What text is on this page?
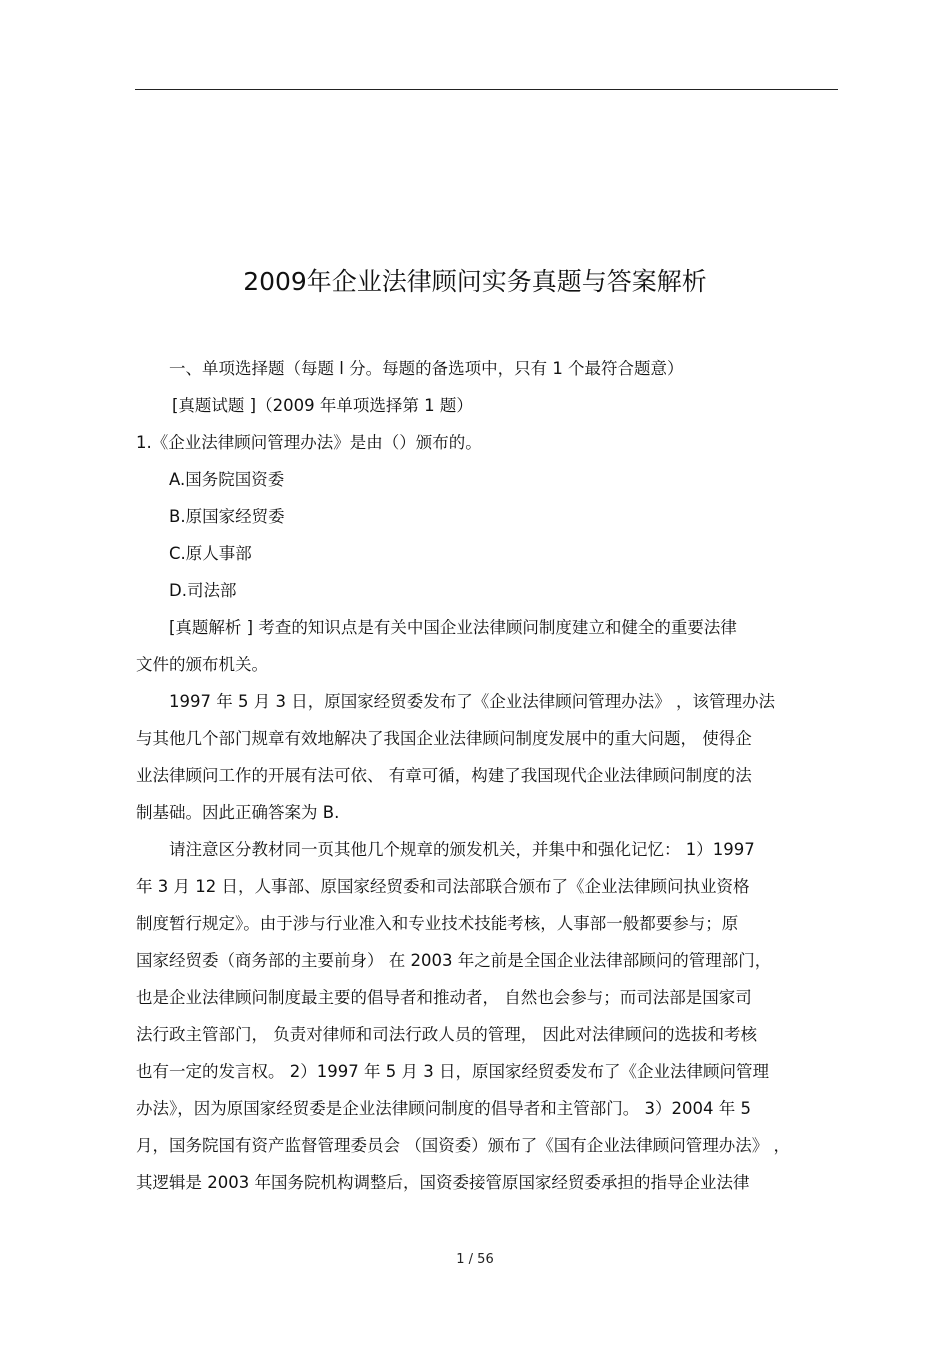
2009年企业法律顾问实务真题与答案解析
一、单项选择题（每题 l 分。每题的备选项中，只有 1 个最符合题意）
[真题试题 ]（2009 年单项选择第 1 题）
1.《企业法律顾问管理办法》是由（）颁布的。
A.国务院国资委
B.原国家经贸委
C.原人事部
D.司法部
[真题解析 ] 考查的知识点是有关中国企业法律顾问制度建立和健全的重要法律
文件的颁布机关。
1997 年 5 月 3 日，原国家经贸委发布了《企业法律顾问管理办法》 ，该管理办法
与其他几个部门规章有效地解决了我国企业法律顾问制度发展中的重大问题， 使得企
业法律顾问工作的开展有法可依、 有章可循，构建了我国现代企业法律顾问制度的法
制基础。因此正确答案为 B.
请注意区分教材同一页其他几个规章的颁发机关，并集中和强化记忆： 1）1997
年 3 月 12 日，人事部、原国家经贸委和司法部联合颁布了《企业法律顾问执业资格
制度暂行规定》。由于涉与行业准入和专业技术技能考核，人事部一般都要参与；原
国家经贸委（商务部的主要前身） 在 2003 年之前是全国企业法律部顾问的管理部门，
也是企业法律顾问制度最主要的倡导者和推动者， 自然也会参与；而司法部是国家司
法行政主管部门， 负责对律师和司法行政人员的管理， 因此对法律顾问的选拔和考核
也有一定的发言权。 2）1997 年 5 月 3 日，原国家经贸委发布了《企业法律顾问管理
办法》，因为原国家经贸委是企业法律顾问制度的倡导者和主管部门。 3）2004 年 5
月，国务院国有资产监督管理委员会 （国资委）颁布了《国有企业法律顾问管理办法》 ，
其逻辑是 2003 年国务院机构调整后，国资委接管原国家经贸委承担的指导企业法律
1 / 56
